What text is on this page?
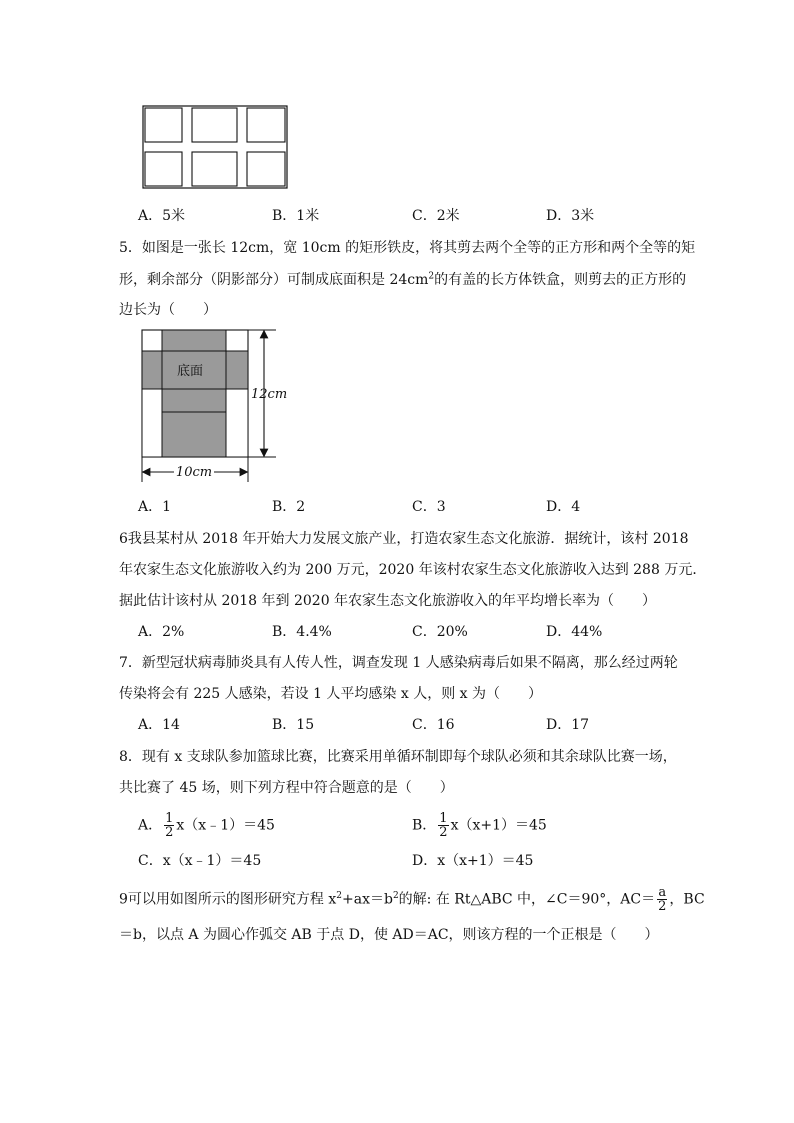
A．5米	B．1米	C．2米	D．3米
5．如图是一张长 12cm，宽 10cm 的矩形铁皮，将其剪去两个全等的正方形和两个全等的矩
形，剩余部分（阴影部分）可制成底面积是 $24cm^2$的有盖的长方体铁盒，则剪去的正方形的
边长为（　　）
底面
12cm
10cm
A．1	B．2	C．3	D．4
6我县某村从 2018 年开始大力发展文旅产业，打造农家生态文化旅游．据统计，该村 2018
年农家生态文化旅游收入约为 200 万元，2020 年该村农家生态文化旅游收入达到 288 万元．
据此估计该村从 2018 年到 2020 年农家生态文化旅游收入的年平均增长率为（　　）
A．2%	B．4.4%	C．20%	D．44%
7．新型冠状病毒肺炎具有人传人性，调查发现 1 人感染病毒后如果不隔离，那么经过两轮
传染将会有 225 人感染，若设 1 人平均感染 x 人，则 x 为（　　）
A．14	B．15	C．16	D．17
8．现有 x 支球队参加篮球比赛，比赛采用单循环制即每个球队必须和其余球队比赛一场，
共比赛了 45 场，则下列方程中符合题意的是（　　）
A． $\frac{1}{2}$ x（x﹣1）＝45	B． $\frac{1}{2} x(x+1)=45$
C．x（x﹣1）＝45	D．x（x+1）＝45
9可以用如图所示的图形研究方程 $x^2+ax=b^2$的解: 在 Rt△ABC 中，∠C＝90°，$AC= \frac{a}{2}$ ，BC
＝b，以点 A 为圆心作弧交 AB 于点 D，使 AD＝AC，则该方程的一个正根是（　　）
